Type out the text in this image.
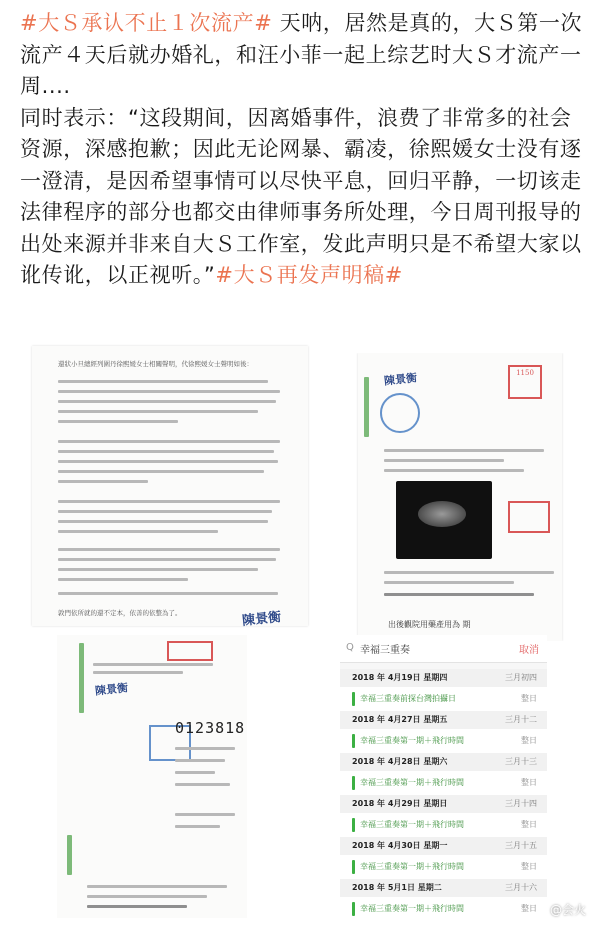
#大Ｓ承认不止１次流产# 天呐，居然是真的，大Ｓ第一次流产４天后就办婚礼，和汪小菲一起上综艺时大Ｓ才流产一周....
同时表示：“这段期间，因离婚事件，浪费了非常多的社会资源，深感抱歉；因此无论网暴、霸凌，徐熙媛女士没有逐一澄清，是因希望事情可以尽快平息，回归平静，一切该走法律程序的部分也都交由律师事务所处理，今日周刊报导的出处来源并非来自大Ｓ工作室，发此声明只是不希望大家以讹传讹，以正视听。”#大Ｓ再发声明稿#
還狀小旦總經列圍丹徐熙媛女士相關聲明，代徐熙媛女士聲明如後：
敦門依所就的還不定本，依善的依整為了。	陳景衡
陳景衡	1150
出後觀院用藥產用為 期
陳景衡
0123818
Q 幸福三重奏	取消
2018 年 4月19日 星期四	三月初四
幸福三重奏前探台灣拍攝日	整日
2018 年 4月27日 星期五	三月十二
幸福三重奏第一期＋飛行時間	整日
2018 年 4月28日 星期六	三月十三
幸福三重奏第一期＋飛行時間	整日
2018 年 4月29日 星期日	三月十四
幸福三重奏第一期＋飛行時間	整日
2018 年 4月30日 星期一	三月十五
幸福三重奏第一期＋飛行時間	整日
2018 年 5月1日 星期二	三月十六
幸福三重奏第一期＋飛行時間	整日 @会火
